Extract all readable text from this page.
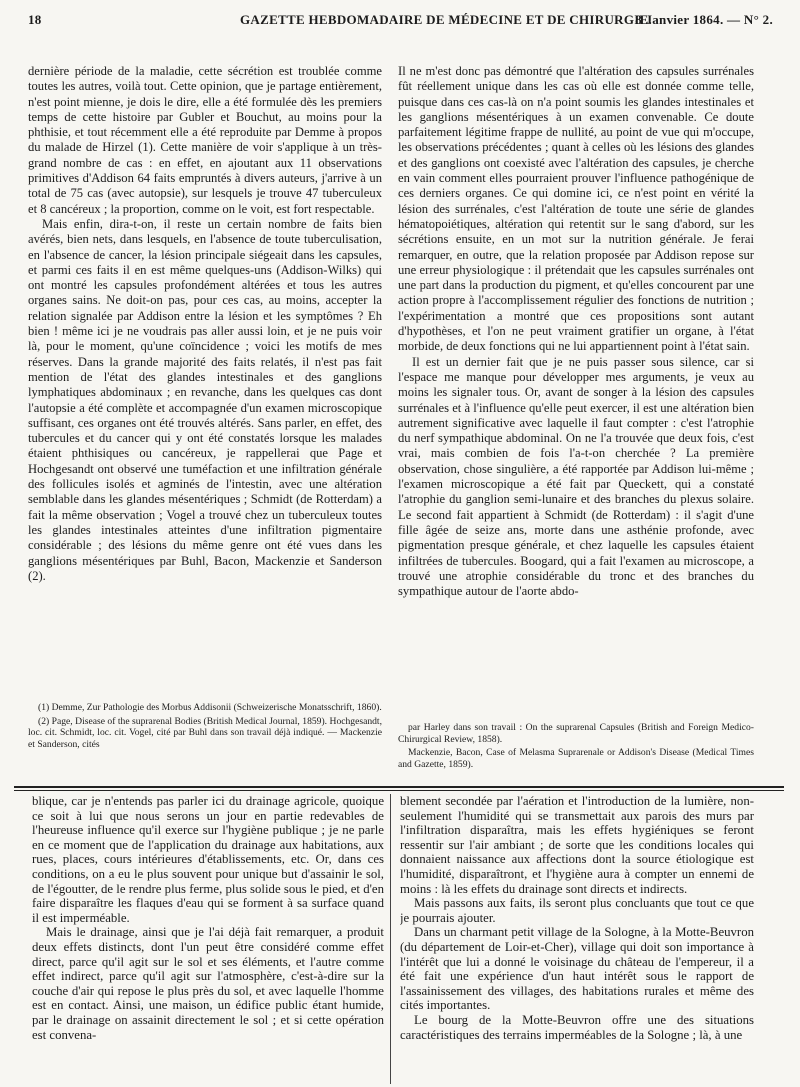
18	GAZETTE HEBDOMADAIRE DE MÉDECINE ET DE CHIRURGIE.
8 Janvier 1864. — N° 2.

dernière période de la maladie, cette sécrétion est troublée comme toutes les autres, voilà tout. Cette opinion, que je partage entièrement, n'est point mienne, je dois le dire, elle a été formulée dès les premiers temps de cette histoire par Gubler et Bouchut, au moins pour la phthisie, et tout récemment elle a été reproduite par Demme à propos du malade de Hirzel (1). Cette manière de voir s'applique à un très-grand nombre de cas : en effet, en ajoutant aux 11 observations primitives d'Addison 64 faits empruntés à divers auteurs, j'arrive à un total de 75 cas (avec autopsie), sur lesquels je trouve 47 tuberculeux et 8 cancéreux ; la proportion, comme on le voit, est fort respectable.

Mais enfin, dira-t-on, il reste un certain nombre de faits bien avérés, bien nets, dans lesquels, en l'absence de toute tuberculisation, en l'absence de cancer, la lésion principale siégeait dans les capsules, et parmi ces faits il en est même quelques-uns (Addison-Wilks) qui ont montré les capsules profondément altérées et tous les autres organes sains. Ne doit-on pas, pour ces cas, au moins, accepter la relation signalée par Addison entre la lésion et les symptômes ? Eh bien ! même ici je ne voudrais pas aller aussi loin, et je ne puis voir là, pour le moment, qu'une coïncidence ; voici les motifs de mes réserves. Dans la grande majorité des faits relatés, il n'est pas fait mention de l'état des glandes intestinales et des ganglions lymphatiques abdominaux ; en revanche, dans les quelques cas dont l'autopsie a été complète et accompagnée d'un examen microscopique suffisant, ces organes ont été trouvés altérés. Sans parler, en effet, des tubercules et du cancer qui y ont été constatés lorsque les malades étaient phthisiques ou cancéreux, je rappellerai que Page et Hochgesandt ont observé une tuméfaction et une infiltration générale des follicules isolés et agminés de l'intestin, avec une altération semblable dans les glandes mésentériques ; Schmidt (de Rotterdam) a fait la même observation ; Vogel a trouvé chez un tuberculeux toutes les glandes intestinales atteintes d'une infiltration pigmentaire considérable ; des lésions du même genre ont été vues dans les ganglions mésentériques par Buhl, Bacon, Mackenzie et Sanderson (2).

Il ne m'est donc pas démontré que l'altération des capsules surrénales fût réellement unique dans les cas où elle est donnée comme telle, puisque dans ces cas-là on n'a point soumis les glandes intestinales et les ganglions mésentériques à un examen convenable. Ce doute parfaitement légitime frappe de nullité, au point de vue qui m'occupe, les observations précédentes ; quant à celles où les lésions des glandes et des ganglions ont coexisté avec l'altération des capsules, je cherche en vain comment elles pourraient prouver l'influence pathogénique de ces derniers organes. Ce qui domine ici, ce n'est point en vérité la lésion des surrénales, c'est l'altération de toute une série de glandes hématopoiétiques, altération qui retentit sur le sang d'abord, sur les sécrétions ensuite, en un mot sur la nutrition générale. Je ferai remarquer, en outre, que la relation proposée par Addison repose sur une erreur physiologique : il prétendait que les capsules surrénales ont une part dans la production du pigment, et qu'elles concourent par une action propre à l'accomplissement régulier des fonctions de nutrition ; l'expérimentation a montré que ces propositions sont autant d'hypothèses, et l'on ne peut vraiment gratifier un organe, à l'état morbide, de deux fonctions qui ne lui appartiennent point à l'état sain.

Il est un dernier fait que je ne puis passer sous silence, car si l'espace me manque pour développer mes arguments, je veux au moins les signaler tous. Or, avant de songer à la lésion des capsules surrénales et à l'influence qu'elle peut exercer, il est une altération bien autrement significative avec laquelle il faut compter : c'est l'atrophie du nerf sympathique abdominal. On ne l'a trouvée que deux fois, c'est vrai, mais combien de fois l'a-t-on cherchée ? La première observation, chose singulière, a été rapportée par Addison lui-même ; l'examen microscopique a été fait par Queckett, qui a constaté l'atrophie du ganglion semi-lunaire et des branches du plexus solaire. Le second fait appartient à Schmidt (de Rotterdam) : il s'agit d'une fille âgée de seize ans, morte dans une asthénie profonde, avec pigmentation presque générale, et chez laquelle les capsules étaient infiltrées de tubercules. Boogard, qui a fait l'examen au microscope, a trouvé une atrophie considérable du tronc et des branches du sympathique autour de l'aorte abdo-

(1) Demme, Zur Pathologie des Morbus Addisonii (Schweizerische Monatsschrift, 1860).

(2) Page, Disease of the suprarenal Bodies (British Medical Journal, 1859). Hochgesandt, loc. cit. Schmidt, loc. cit. Vogel, cité par Buhl dans son travail déjà indiqué. — Mackenzie et Sanderson, cités

par Harley dans son travail : On the suprarenal Capsules (British and Foreign Medico-Chirurgical Review, 1858).

Mackenzie, Bacon, Case of Melasma Suprarenale or Addison's Disease (Medical Times and Gazette, 1859).

blique, car je n'entends pas parler ici du drainage agricole, quoique ce soit à lui que nous serons un jour en partie redevables de l'heureuse influence qu'il exerce sur l'hygiène publique ; je ne parle en ce moment que de l'application du drainage aux habitations, aux rues, places, cours intérieures d'établissements, etc. Or, dans ces conditions, on a eu le plus souvent pour unique but d'assainir le sol, de l'égoutter, de le rendre plus ferme, plus solide sous le pied, et d'en faire disparaître les flaques d'eau qui se forment à sa surface quand il est imperméable.

Mais le drainage, ainsi que je l'ai déjà fait remarquer, a produit deux effets distincts, dont l'un peut être considéré comme effet direct, parce qu'il agit sur le sol et ses éléments, et l'autre comme effet indirect, parce qu'il agit sur l'atmosphère, c'est-à-dire sur la couche d'air qui repose le plus près du sol, et avec laquelle l'homme est en contact. Ainsi, une maison, un édifice public étant humide, par le drainage on assainit directement le sol ; et si cette opération est convena-

blement secondée par l'aération et l'introduction de la lumière, non-seulement l'humidité qui se transmettait aux parois des murs par l'infiltration disparaîtra, mais les effets hygiéniques se feront ressentir sur l'air ambiant ; de sorte que les conditions locales qui donnaient naissance aux affections dont la source étiologique est l'humidité, disparaîtront, et l'hygiène aura à compter un ennemi de moins : là les effets du drainage sont directs et indirects.

Mais passons aux faits, ils seront plus concluants que tout ce que je pourrais ajouter.

Dans un charmant petit village de la Sologne, à la Motte-Beuvron (du département de Loir-et-Cher), village qui doit son importance à l'intérêt que lui a donné le voisinage du château de l'empereur, il a été fait une expérience d'un haut intérêt sous le rapport de l'assainissement des villages, des habitations rurales et même des cités importantes.

Le bourg de la Motte-Beuvron offre une des situations caractéristiques des terrains imperméables de la Sologne ; là, à une
